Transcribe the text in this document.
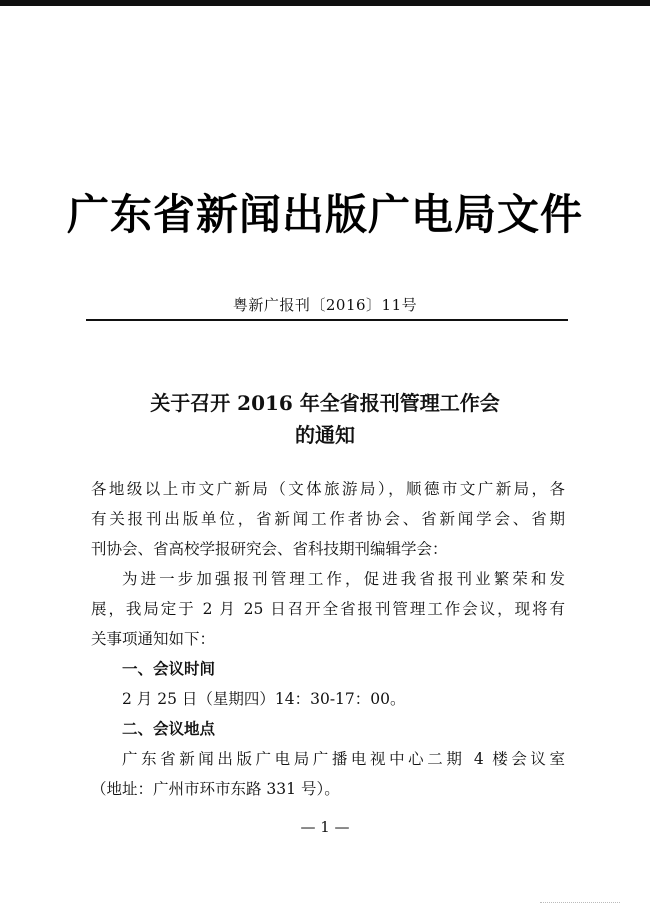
广东省新闻出版广电局文件
粤新广报刊〔2016〕11号
关于召开 2016 年全省报刊管理工作会
的通知

各地级以上市文广新局（文体旅游局），顺德市文广新局，各

有关报刊出版单位，省新闻工作者协会、省新闻学会、省期

刊协会、省高校学报研究会、省科技期刊编辑学会：

为进一步加强报刊管理工作，促进我省报刊业繁荣和发

展，我局定于 2 月 25 日召开全省报刊管理工作会议，现将有

关事项通知如下：

一、会议时间

2 月 25 日（星期四）14：30-17：00。

二、会议地点

广东省新闻出版广电局广播电视中心二期 4 楼会议室

（地址：广州市环市东路 331 号）。

— 1 —
